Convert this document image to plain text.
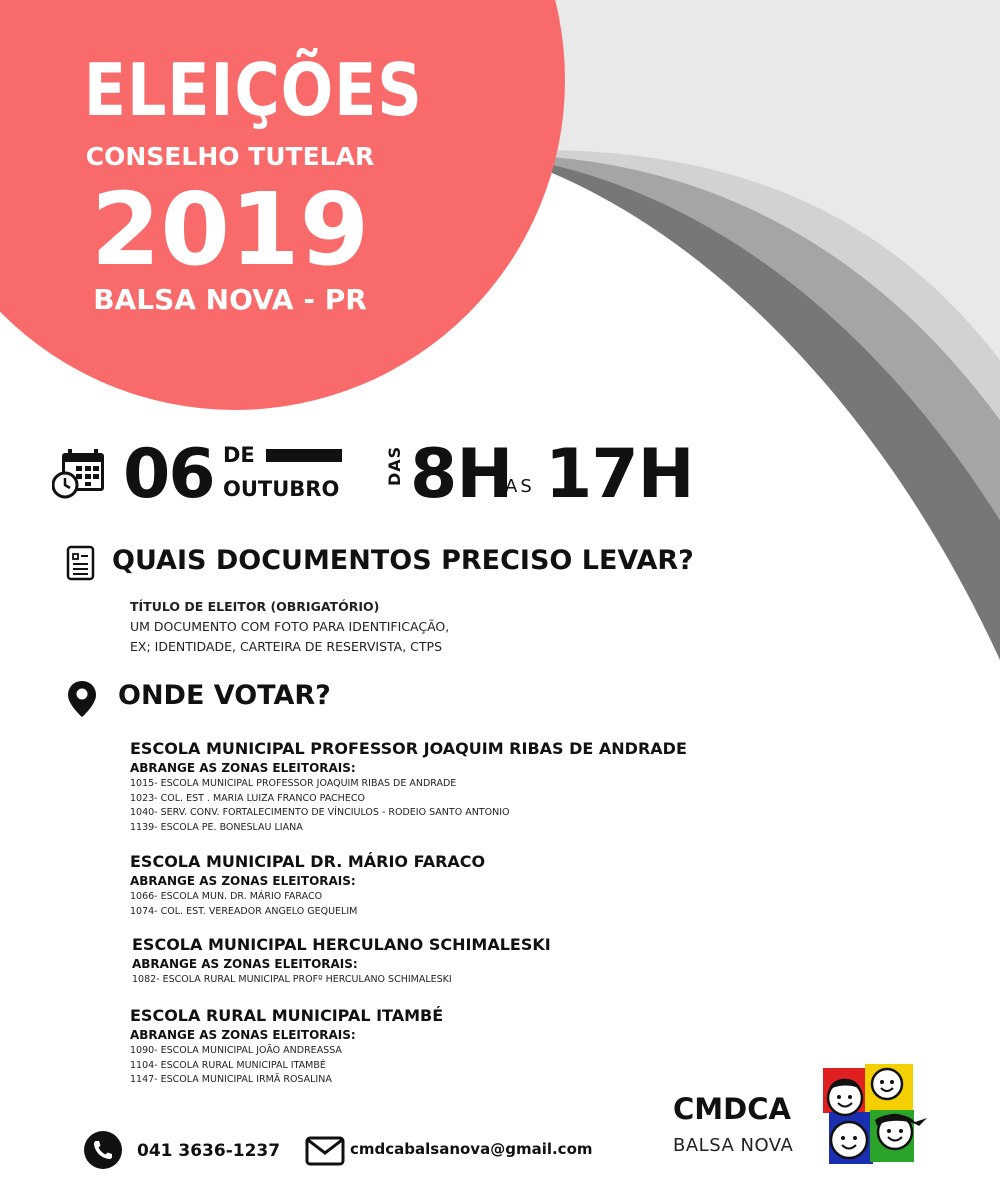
ELEIÇÕES
CONSELHO TUTELAR
2019
BALSA NOVA - PR
06 DE
OUTUBRO
DAS 8H
AS 17H
QUAIS DOCUMENTOS PRECISO LEVAR?
TÍTULO DE ELEITOR (OBRIGATÓRIO)
UM DOCUMENTO COM FOTO PARA IDENTIFICAÇÃO,
EX; IDENTIDADE, CARTEIRA DE RESERVISTA, CTPS
ONDE VOTAR?
ESCOLA MUNICIPAL PROFESSOR JOAQUIM RIBAS DE ANDRADE
ABRANGE AS ZONAS ELEITORAIS:
1015- ESCOLA MUNICIPAL PROFESSOR JOAQUIM RIBAS DE ANDRADE
1023- COL. EST . MARIA LUIZA FRANCO PACHECO
1040- SERV. CONV. FORTALECIMENTO DE VÍNCIULOS - RODEIO SANTO ANTONIO
1139- ESCOLA PE. BONESLAU LIANA
ESCOLA MUNICIPAL DR. MÁRIO FARACO
ABRANGE AS ZONAS ELEITORAIS:
1066- ESCOLA MUN. DR. MÁRIO FARACO
1074- COL. EST. VEREADOR ANGELO GEQUELIM
ESCOLA MUNICIPAL HERCULANO SCHIMALESKI
ABRANGE AS ZONAS ELEITORAIS:
1082- ESCOLA RURAL MUNICIPAL PROFº HERCULANO SCHIMALESKI
ESCOLA RURAL MUNICIPAL ITAMBÉ
ABRANGE AS ZONAS ELEITORAIS:
1090- ESCOLA MUNICIPAL JOÃO ANDREASSA
1104- ESCOLA RURAL MUNICIPAL ITAMBÉ
1147- ESCOLA MUNICIPAL IRMÃ ROSALINA
041 3636-1237	cmdcabalsanova@gmail.com
CMDCA
BALSA NOVA
